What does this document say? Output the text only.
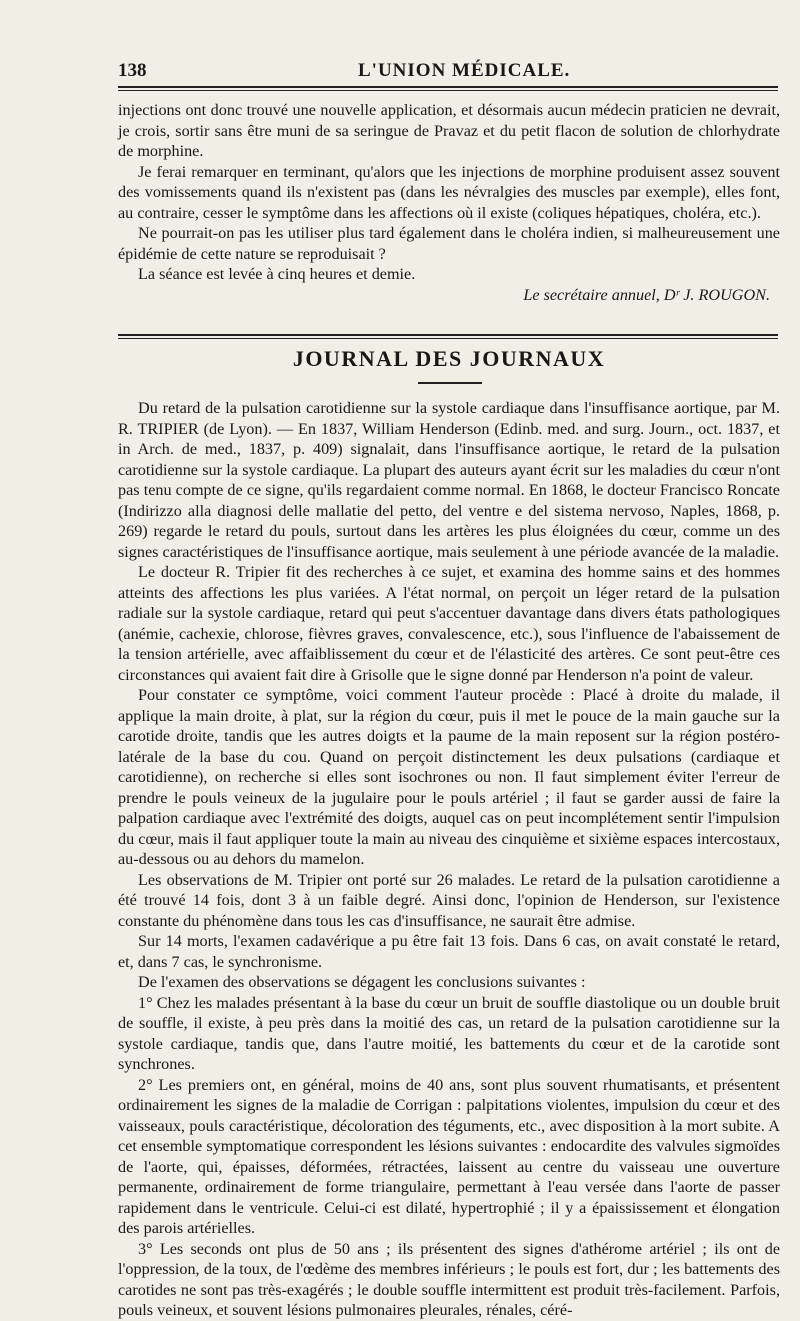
138	L'UNION MÉDICALE.

injections ont donc trouvé une nouvelle application, et désormais aucun médecin praticien ne devrait, je crois, sortir sans être muni de sa seringue de Pravaz et du petit flacon de solution de chlorhydrate de morphine.

Je ferai remarquer en terminant, qu'alors que les injections de morphine produisent assez souvent des vomissements quand ils n'existent pas (dans les névralgies des muscles par exemple), elles font, au contraire, cesser le symptôme dans les affections où il existe (coliques hépatiques, choléra, etc.).

Ne pourrait-on pas les utiliser plus tard également dans le choléra indien, si malheureusement une épidémie de cette nature se reproduisait ?

La séance est levée à cinq heures et demie.

Le secrétaire annuel, Dʳ J. ROUGON.

JOURNAL DES JOURNAUX

Du retard de la pulsation carotidienne sur la systole cardiaque dans l'insuffisance aortique, par M. R. TRIPIER (de Lyon). — En 1837, William Henderson (Edinb. med. and surg. Journ., oct. 1837, et in Arch. de med., 1837, p. 409) signalait, dans l'insuffisance aortique, le retard de la pulsation carotidienne sur la systole cardiaque. La plupart des auteurs ayant écrit sur les maladies du cœur n'ont pas tenu compte de ce signe, qu'ils regardaient comme normal. En 1868, le docteur Francisco Roncate (Indirizzo alla diagnosi delle mallatie del petto, del ventre e del sistema nervoso, Naples, 1868, p. 269) regarde le retard du pouls, surtout dans les artères les plus éloignées du cœur, comme un des signes caractéristiques de l'insuffisance aortique, mais seulement à une période avancée de la maladie.

Le docteur R. Tripier fit des recherches à ce sujet, et examina des homme sains et des hommes atteints des affections les plus variées. A l'état normal, on perçoit un léger retard de la pulsation radiale sur la systole cardiaque, retard qui peut s'accentuer davantage dans divers états pathologiques (anémie, cachexie, chlorose, fièvres graves, convalescence, etc.), sous l'influence de l'abaissement de la tension artérielle, avec affaiblissement du cœur et de l'élasticité des artères. Ce sont peut-être ces circonstances qui avaient fait dire à Grisolle que le signe donné par Henderson n'a point de valeur.

Pour constater ce symptôme, voici comment l'auteur procède : Placé à droite du malade, il applique la main droite, à plat, sur la région du cœur, puis il met le pouce de la main gauche sur la carotide droite, tandis que les autres doigts et la paume de la main reposent sur la région postéro-latérale de la base du cou. Quand on perçoit distinctement les deux pulsations (cardiaque et carotidienne), on recherche si elles sont isochrones ou non. Il faut simplement éviter l'erreur de prendre le pouls veineux de la jugulaire pour le pouls artériel ; il faut se garder aussi de faire la palpation cardiaque avec l'extrémité des doigts, auquel cas on peut incomplétement sentir l'impulsion du cœur, mais il faut appliquer toute la main au niveau des cinquième et sixième espaces intercostaux, au-dessous ou au dehors du mamelon.

Les observations de M. Tripier ont porté sur 26 malades. Le retard de la pulsation carotidienne a été trouvé 14 fois, dont 3 à un faible degré. Ainsi donc, l'opinion de Henderson, sur l'existence constante du phénomène dans tous les cas d'insuffisance, ne saurait être admise.

Sur 14 morts, l'examen cadavérique a pu être fait 13 fois. Dans 6 cas, on avait constaté le retard, et, dans 7 cas, le synchronisme.

De l'examen des observations se dégagent les conclusions suivantes :

1° Chez les malades présentant à la base du cœur un bruit de souffle diastolique ou un double bruit de souffle, il existe, à peu près dans la moitié des cas, un retard de la pulsation carotidienne sur la systole cardiaque, tandis que, dans l'autre moitié, les battements du cœur et de la carotide sont synchrones.

2° Les premiers ont, en général, moins de 40 ans, sont plus souvent rhumatisants, et présentent ordinairement les signes de la maladie de Corrigan : palpitations violentes, impulsion du cœur et des vaisseaux, pouls caractéristique, décoloration des téguments, etc., avec disposition à la mort subite. A cet ensemble symptomatique correspondent les lésions suivantes : endocardite des valvules sigmoïdes de l'aorte, qui, épaisses, déformées, rétractées, laissent au centre du vaisseau une ouverture permanente, ordinairement de forme triangulaire, permettant à l'eau versée dans l'aorte de passer rapidement dans le ventricule. Celui-ci est dilaté, hypertrophié ; il y a épaississement et élongation des parois artérielles.

3° Les seconds ont plus de 50 ans ; ils présentent des signes d'athérome artériel ; ils ont de l'oppression, de la toux, de l'œdème des membres inférieurs ; le pouls est fort, dur ; les battements des carotides ne sont pas très-exagérés ; le double souffle intermittent est produit très-facilement. Parfois, pouls veineux, et souvent lésions pulmonaires pleurales, rénales, céré-
